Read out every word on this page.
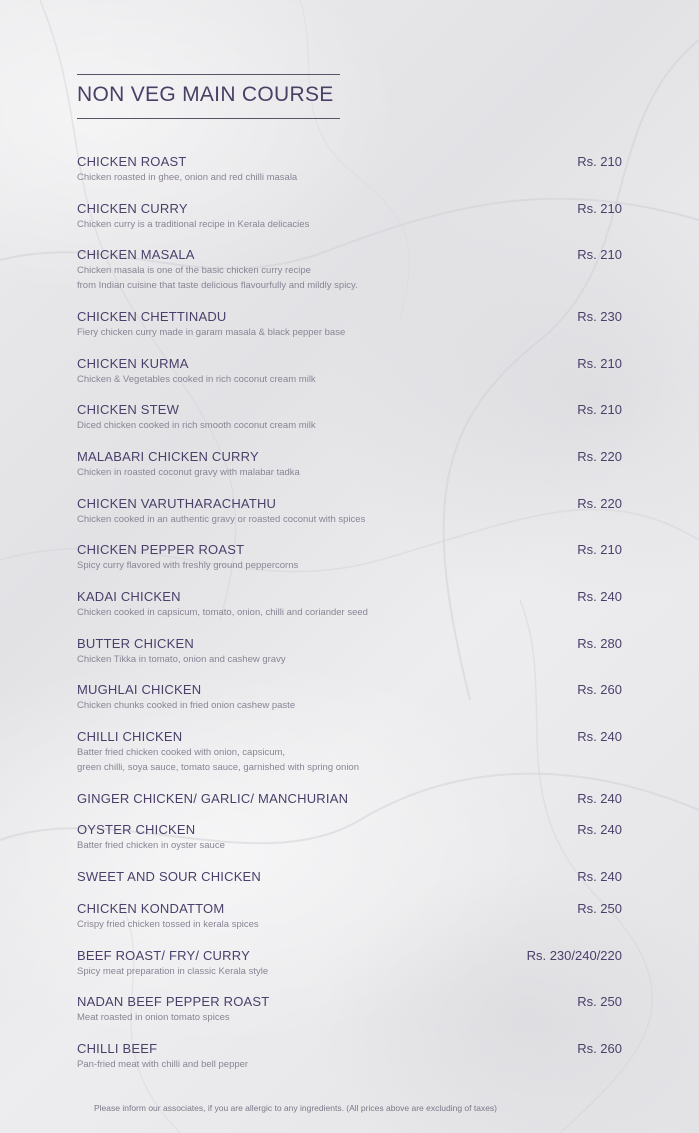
NON VEG MAIN COURSE
CHICKEN ROAST	Rs. 210
Chicken roasted in ghee, onion and red chilli masala
CHICKEN CURRY	Rs. 210
Chicken curry is a traditional recipe in Kerala delicacies
CHICKEN MASALA	Rs. 210
Chicken masala is one of the basic chicken curry recipe
from Indian cuisine that taste delicious flavourfully and mildly spicy.
CHICKEN CHETTINADU	Rs. 230
Fiery chicken curry made in garam masala & black pepper base
CHICKEN KURMA	Rs. 210
Chicken & Vegetables cooked in rich coconut cream milk
CHICKEN STEW	Rs. 210
Diced chicken cooked in rich smooth coconut cream milk
MALABARI CHICKEN CURRY	Rs. 220
Chicken in roasted coconut gravy with malabar tadka
CHICKEN VARUTHARACHATHU	Rs. 220
Chicken cooked in an authentic gravy or roasted coconut with spices
CHICKEN PEPPER ROAST	Rs. 210
Spicy curry flavored with freshly ground peppercorns
KADAI CHICKEN	Rs. 240
Chicken cooked in capsicum, tomato, onion, chilli and coriander seed
BUTTER CHICKEN	Rs. 280
Chicken Tikka in tomato, onion and cashew gravy
MUGHLAI CHICKEN	Rs. 260
Chicken chunks cooked in fried onion cashew paste
CHILLI CHICKEN	Rs. 240
Batter fried chicken cooked with onion, capsicum,
green chilli, soya sauce, tomato sauce, garnished with spring onion
GINGER CHICKEN/ GARLIC/ MANCHURIAN	Rs. 240
OYSTER CHICKEN	Rs. 240
Batter fried chicken in oyster sauce
SWEET AND SOUR CHICKEN	Rs. 240
CHICKEN KONDATTOM	Rs. 250
Crispy fried chicken tossed in kerala spices
BEEF ROAST/ FRY/ CURRY	Rs. 230/240/220
Spicy meat preparation in classic Kerala style
NADAN BEEF PEPPER ROAST	Rs. 250
Meat roasted in onion tomato spices
CHILLI BEEF	Rs. 260
Pan-fried meat with chilli and bell pepper
Please inform our associates, if you are allergic to any ingredients. (All prices above are excluding of taxes)
